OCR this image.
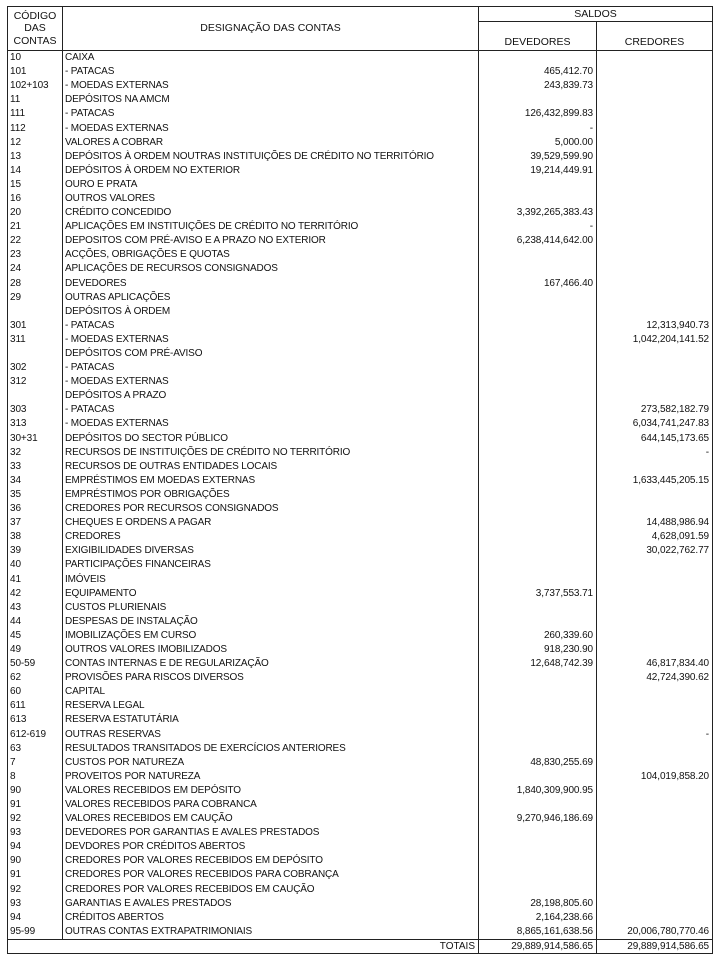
CÓDIGO
DAS
CONTAS	DESIGNAÇÃO DAS CONTAS	SALDOS	
		DEVEDORES	CREDORES
10	CAIXA		
101	- PATACAS	465,412.70	
102+103	- MOEDAS EXTERNAS	243,839.73	
11	DEPÓSITOS NA AMCM		
111	- PATACAS	126,432,899.83	
112	- MOEDAS EXTERNAS	-	
12	VALORES A COBRAR	5,000.00	
13	DEPÓSITOS À ORDEM NOUTRAS INSTITUIÇÕES DE CRÉDITO NO TERRITÓRIO	39,529,599.90	
14	DEPÓSITOS À ORDEM NO EXTERIOR	19,214,449.91	
15	OURO E PRATA		
16	OUTROS VALORES		
20	CRÉDITO CONCEDIDO	3,392,265,383.43	
21	APLICAÇÕES EM INSTITUIÇÕES DE CRÉDITO NO TERRITÓRIO	-	
22	DEPOSITOS COM PRÉ-AVISO E A PRAZO NO EXTERIOR	6,238,414,642.00	
23	ACÇÕES, OBRIGAÇÕES E QUOTAS		
24	APLICAÇÕES DE RECURSOS CONSIGNADOS		
28	DEVEDORES	167,466.40	
29	OUTRAS APLICAÇÕES		
	DEPÓSITOS À ORDEM		
301	- PATACAS		12,313,940.73
311	- MOEDAS EXTERNAS		1,042,204,141.52
	DEPÓSITOS COM PRÉ-AVISO		
302	- PATACAS		
312	- MOEDAS EXTERNAS		
	DEPÓSITOS A PRAZO		
303	- PATACAS		273,582,182.79
313	- MOEDAS EXTERNAS		6,034,741,247.83
30+31	DEPÓSITOS DO SECTOR PÚBLICO		644,145,173.65
32	RECURSOS DE INSTITUIÇÕES DE CRÉDITO NO TERRITÓRIO		-
33	RECURSOS DE OUTRAS ENTIDADES LOCAIS		
34	EMPRÉSTIMOS EM MOEDAS EXTERNAS		1,633,445,205.15
35	EMPRÉSTIMOS POR OBRIGAÇÕES		
36	CREDORES POR RECURSOS CONSIGNADOS		
37	CHEQUES E ORDENS A PAGAR		14,488,986.94
38	CREDORES		4,628,091.59
39	EXIGIBILIDADES DIVERSAS		30,022,762.77
40	PARTICIPAÇÕES FINANCEIRAS		
41	IMÓVEIS		
42	EQUIPAMENTO	3,737,553.71	
43	CUSTOS PLURIENAIS		
44	DESPESAS DE INSTALAÇÃO		
45	IMOBILIZAÇÕES EM CURSO	260,339.60	
49	OUTROS VALORES IMOBILIZADOS	918,230.90	
50-59	CONTAS INTERNAS E DE REGULARIZAÇÃO	12,648,742.39	46,817,834.40
62	PROVISÕES PARA RISCOS DIVERSOS		42,724,390.62
60	CAPITAL		
611	RESERVA LEGAL		
613	RESERVA ESTATUTÁRIA		
612-619	OUTRAS RESERVAS		-
63	RESULTADOS TRANSITADOS DE EXERCÍCIOS ANTERIORES		
7	CUSTOS POR NATUREZA	48,830,255.69	
8	PROVEITOS POR NATUREZA		104,019,858.20
90	VALORES RECEBIDOS EM DEPÓSITO	1,840,309,900.95	
91	VALORES RECEBIDOS PARA COBRANCA		
92	VALORES RECEBIDOS EM CAUÇÃO	9,270,946,186.69	
93	DEVEDORES POR GARANTIAS E AVALES PRESTADOS		
94	DEVDORES POR CRÉDITOS ABERTOS		
90	CREDORES POR VALORES RECEBIDOS EM DEPÓSITO		
91	CREDORES POR VALORES RECEBIDOS PARA COBRANÇA		
92	CREDORES POR VALORES RECEBIDOS EM CAUÇÃO		
93	GARANTIAS E AVALES PRESTADOS	28,198,805.60	
94	CRÉDITOS ABERTOS	2,164,238.66	
95-99	OUTRAS CONTAS EXTRAPATRIMONIAIS	8,865,161,638.56	20,006,780,770.46
TOTAIS		29,889,914,586.65	29,889,914,586.65
